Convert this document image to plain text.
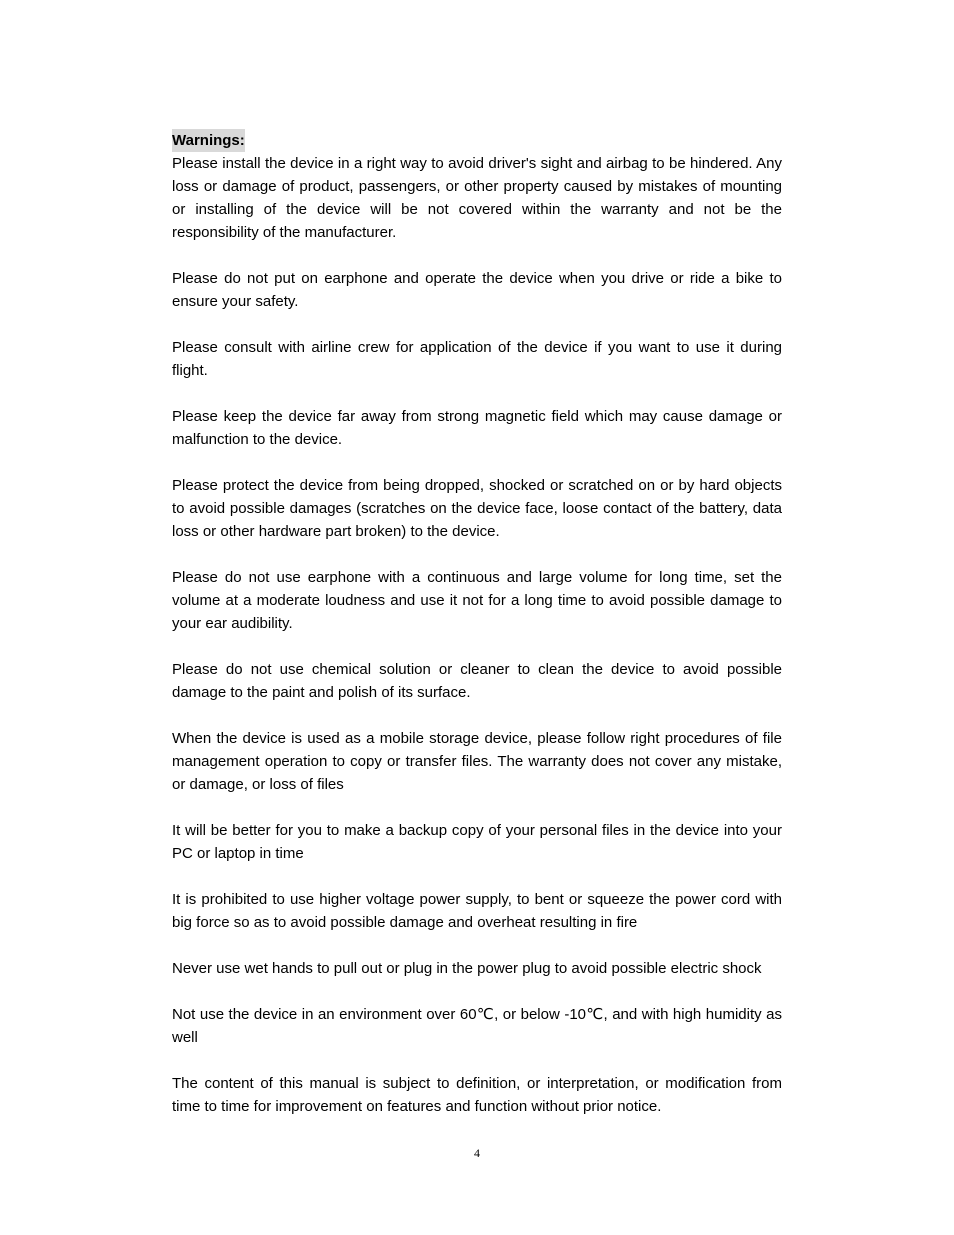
Warnings:

Please install the device in a right way to avoid driver's sight and airbag to be hindered. Any loss or damage of product, passengers, or other property caused by mistakes of mounting or installing of the device will be not covered within the warranty and not be the responsibility of the manufacturer.

Please do not put on earphone and operate the device when you drive or ride a bike to ensure your safety.

Please consult with airline crew for application of the device if you want to use it during flight.

Please keep the device far away from strong magnetic field which may cause damage or malfunction to the device.

Please protect the device from being dropped, shocked or scratched on or by hard objects to avoid possible damages (scratches on the device face, loose contact of the battery, data loss or other hardware part broken) to the device.

Please do not use earphone with a continuous and large volume for long time, set the volume at a moderate loudness and use it not for a long time to avoid possible damage to your ear audibility.

Please do not use chemical solution or cleaner to clean the device to avoid possible damage to the paint and polish of its surface.

When the device is used as a mobile storage device, please follow right procedures of file management operation to copy or transfer files. The warranty does not cover any mistake, or damage, or loss of files

It will be better for you to make a backup copy of your personal files in the device into your PC or laptop in time

It is prohibited to use higher voltage power supply, to bent or squeeze the power cord with big force so as to avoid possible damage and overheat resulting in fire

Never use wet hands to pull out or plug in the power plug to avoid possible electric shock

Not use the device in an environment over 60℃, or below -10℃, and with high humidity as well

The content of this manual is subject to definition, or interpretation, or modification from time to time for improvement on features and function without prior notice.

4
